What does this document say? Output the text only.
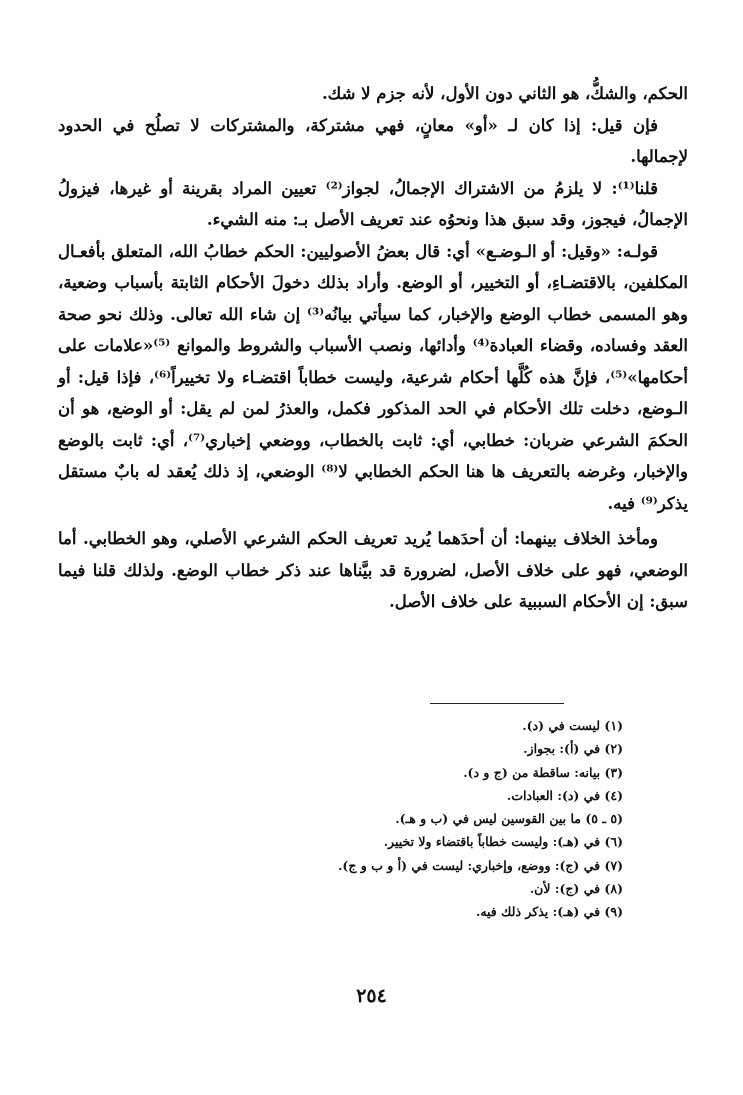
الحكم، والشكُّ، هو الثاني دون الأول، لأنه جزم لا شك.

فإن قيل: إذا كان لـ «أو» معانٍ، فهي مشتركة، والمشتركات لا تصلُح في الحدود لإجمالها.

قلنا⁽¹⁾: لا يلزمُ من الاشتراك الإجمالُ، لجواز⁽²⁾ تعيين المراد بقرينة أو غيرها، فيزولُ الإجمالُ، فيجوز، وقد سبق هذا ونحوُه عند تعريف الأصل بـ: منه الشيء.

قولـه: «وقيل: أو الـوضـع» أي: قال بعضُ الأصوليين: الحكم خطابُ الله، المتعلق بأفعـال المكلفين، بالاقتضـاءِ، أو التخيير، أو الوضع. وأراد بذلك دخولَ الأحكام الثابتة بأسباب وضعية، وهو المسمى خطاب الوضع والإخبار، كما سيأتي بيانُه⁽³⁾ إن شاء الله تعالى. وذلك نحو صحة العقد وفساده، وقضاء العبادة⁽⁴⁾ وأدائها، ونصب الأسباب والشروط والموانع ⁽⁵⁾«علامات على أحكامها»⁽⁵⁾، فإنَّ هذه كُلَّها أحكام شرعية، وليست خطاباً اقتضـاء ولا تخييراً⁽⁶⁾، فإذا قيل: أو الـوضع، دخلت تلك الأحكام في الحد المذكور فكمل، والعذرُ لمن لم يقل: أو الوضع، هو أن الحكمَ الشرعي ضربان: خطابي، أي: ثابت بالخطاب، ووضعي إخباري⁽⁷⁾، أي: ثابت بالوضع والإخبار، وغرضه بالتعريف ها هنا الحكم الخطابي لا⁽⁸⁾ الوضعي، إذ ذلك يُعقد له بابٌ مستقل يذكر⁽⁹⁾ فيه.

ومأخذ الخلاف بينهما: أن أحدَهما يُريد تعريف الحكم الشرعي الأصلي، وهو الخطابي. أما الوضعي، فهو على خلاف الأصل، لضرورة قد بيَّناها عند ذكر خطاب الوضع. ولذلك قلنا فيما سبق: إن الأحكام السببية على خلاف الأصل.

(١) ليست في (د).
(٢) في (أ): بجواز.
(٣) بيانه: ساقطة من (ج و د).
(٤) في (د): العبادات.
(٥ ـ ٥) ما بين القوسين ليس في (ب و هـ).
(٦) في (هـ): وليست خطاباً باقتضاء ولا تخيير.
(٧) في (ج): ووضع، وإخباري: ليست في (أ و ب و ج).
(٨) في (ج): لأن.
(٩) في (هـ): يذكر ذلك فيه.
٢٥٤
